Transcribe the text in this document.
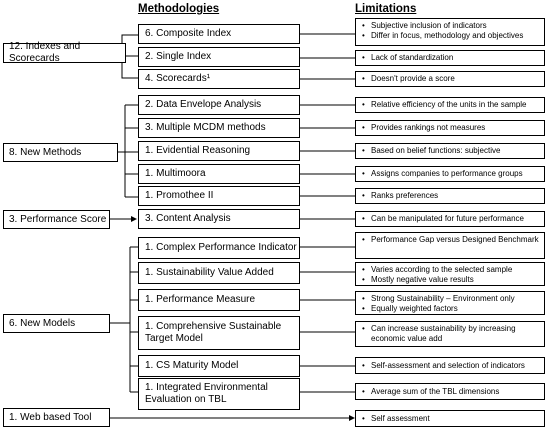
Methodologies	Limitations
12. Indexes and Scorecards
8. New Methods
3. Performance Score
6. New Models
1. Web based Tool
6. Composite Index
2. Single Index
4. Scorecards¹
2. Data Envelope Analysis
3. Multiple MCDM methods
1. Evidential Reasoning
1. Multimoora
1. Promothee II
3. Content Analysis
1. Complex Performance Indicator
1. Sustainability Value Added
1. Performance Measure
1. Comprehensive Sustainable Target Model
1. CS Maturity Model
1. Integrated Environmental Evaluation on TBL
• Subjective inclusion of indicators
• Differ in focus, methodology and objectives
• Lack of standardization
• Doesn't provide a score
• Relative efficiency of the units in the sample
• Provides rankings not measures
• Based on belief functions: subjective
• Assigns companies to performance groups
• Ranks preferences
• Can be manipulated for future performance
• Performance Gap versus Designed Benchmark
• Varies according to the selected sample
• Mostly negative value results
• Strong Sustainability – Environment only
• Equally weighted factors
• Can increase sustainability by increasing economic value add
• Self-assessment and selection of indicators
• Average sum of the TBL dimensions
• Self assessment
